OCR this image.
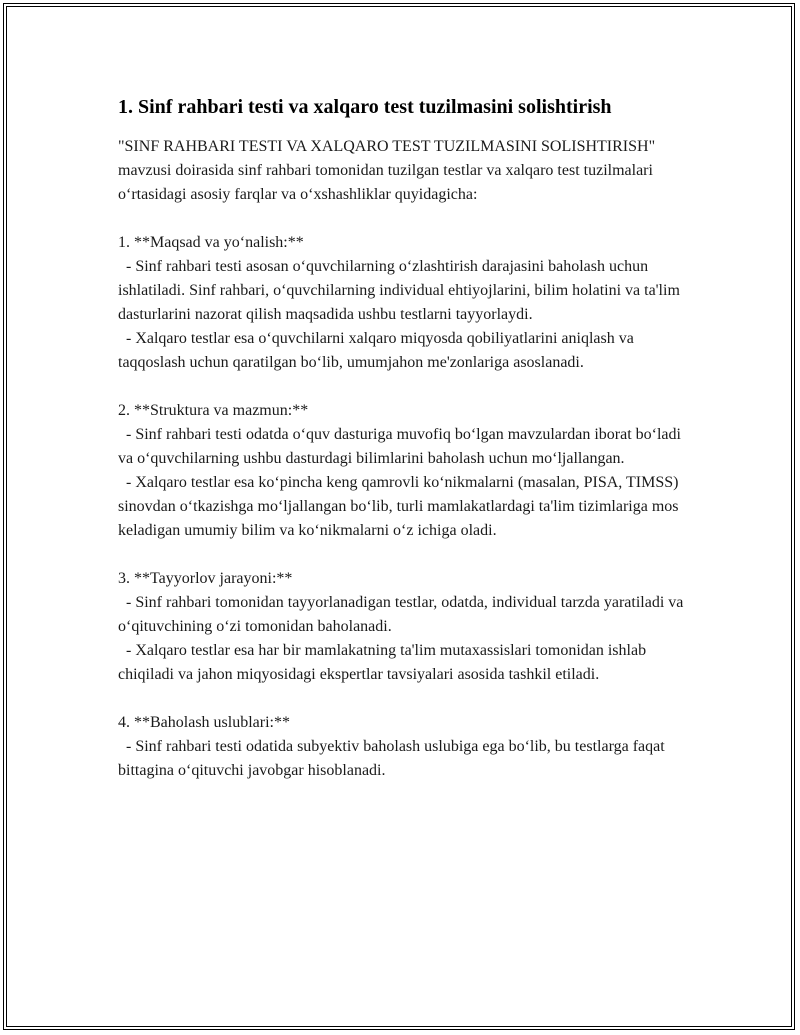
1. Sinf rahbari testi va xalqaro test tuzilmasini solishtirish

"SINF RAHBARI TESTI VA XALQARO TEST TUZILMASINI SOLISHTIRISH" mavzusi doirasida sinf rahbari tomonidan tuzilgan testlar va xalqaro test tuzilmalari o‘rtasidagi asosiy farqlar va o‘xshashliklar quyidagicha:

1. **Maqsad va yo‘nalish:**

- Sinf rahbari testi asosan o‘quvchilarning o‘zlashtirish darajasini baholash uchun ishlatiladi. Sinf rahbari, o‘quvchilarning individual ehtiyojlarini, bilim holatini va ta'lim dasturlarini nazorat qilish maqsadida ushbu testlarni tayyorlaydi.

- Xalqaro testlar esa o‘quvchilarni xalqaro miqyosda qobiliyatlarini aniqlash va taqqoslash uchun qaratilgan bo‘lib, umumjahon me'zonlariga asoslanadi.

2. **Struktura va mazmun:**

- Sinf rahbari testi odatda o‘quv dasturiga muvofiq bo‘lgan mavzulardan iborat bo‘ladi va o‘quvchilarning ushbu dasturdagi bilimlarini baholash uchun mo‘ljallangan.

- Xalqaro testlar esa ko‘pincha keng qamrovli ko‘nikmalarni (masalan, PISA, TIMSS) sinovdan o‘tkazishga mo‘ljallangan bo‘lib, turli mamlakatlardagi ta'lim tizimlariga mos keladigan umumiy bilim va ko‘nikmalarni o‘z ichiga oladi.

3. **Tayyorlov jarayoni:**

- Sinf rahbari tomonidan tayyorlanadigan testlar, odatda, individual tarzda yaratiladi va o‘qituvchining o‘zi tomonidan baholanadi.

- Xalqaro testlar esa har bir mamlakatning ta'lim mutaxassislari tomonidan ishlab chiqiladi va jahon miqyosidagi ekspertlar tavsiyalari asosida tashkil etiladi.

4. **Baholash uslublari:**

- Sinf rahbari testi odatida subyektiv baholash uslubiga ega bo‘lib, bu testlarga faqat bittagina o‘qituvchi javobgar hisoblanadi.
